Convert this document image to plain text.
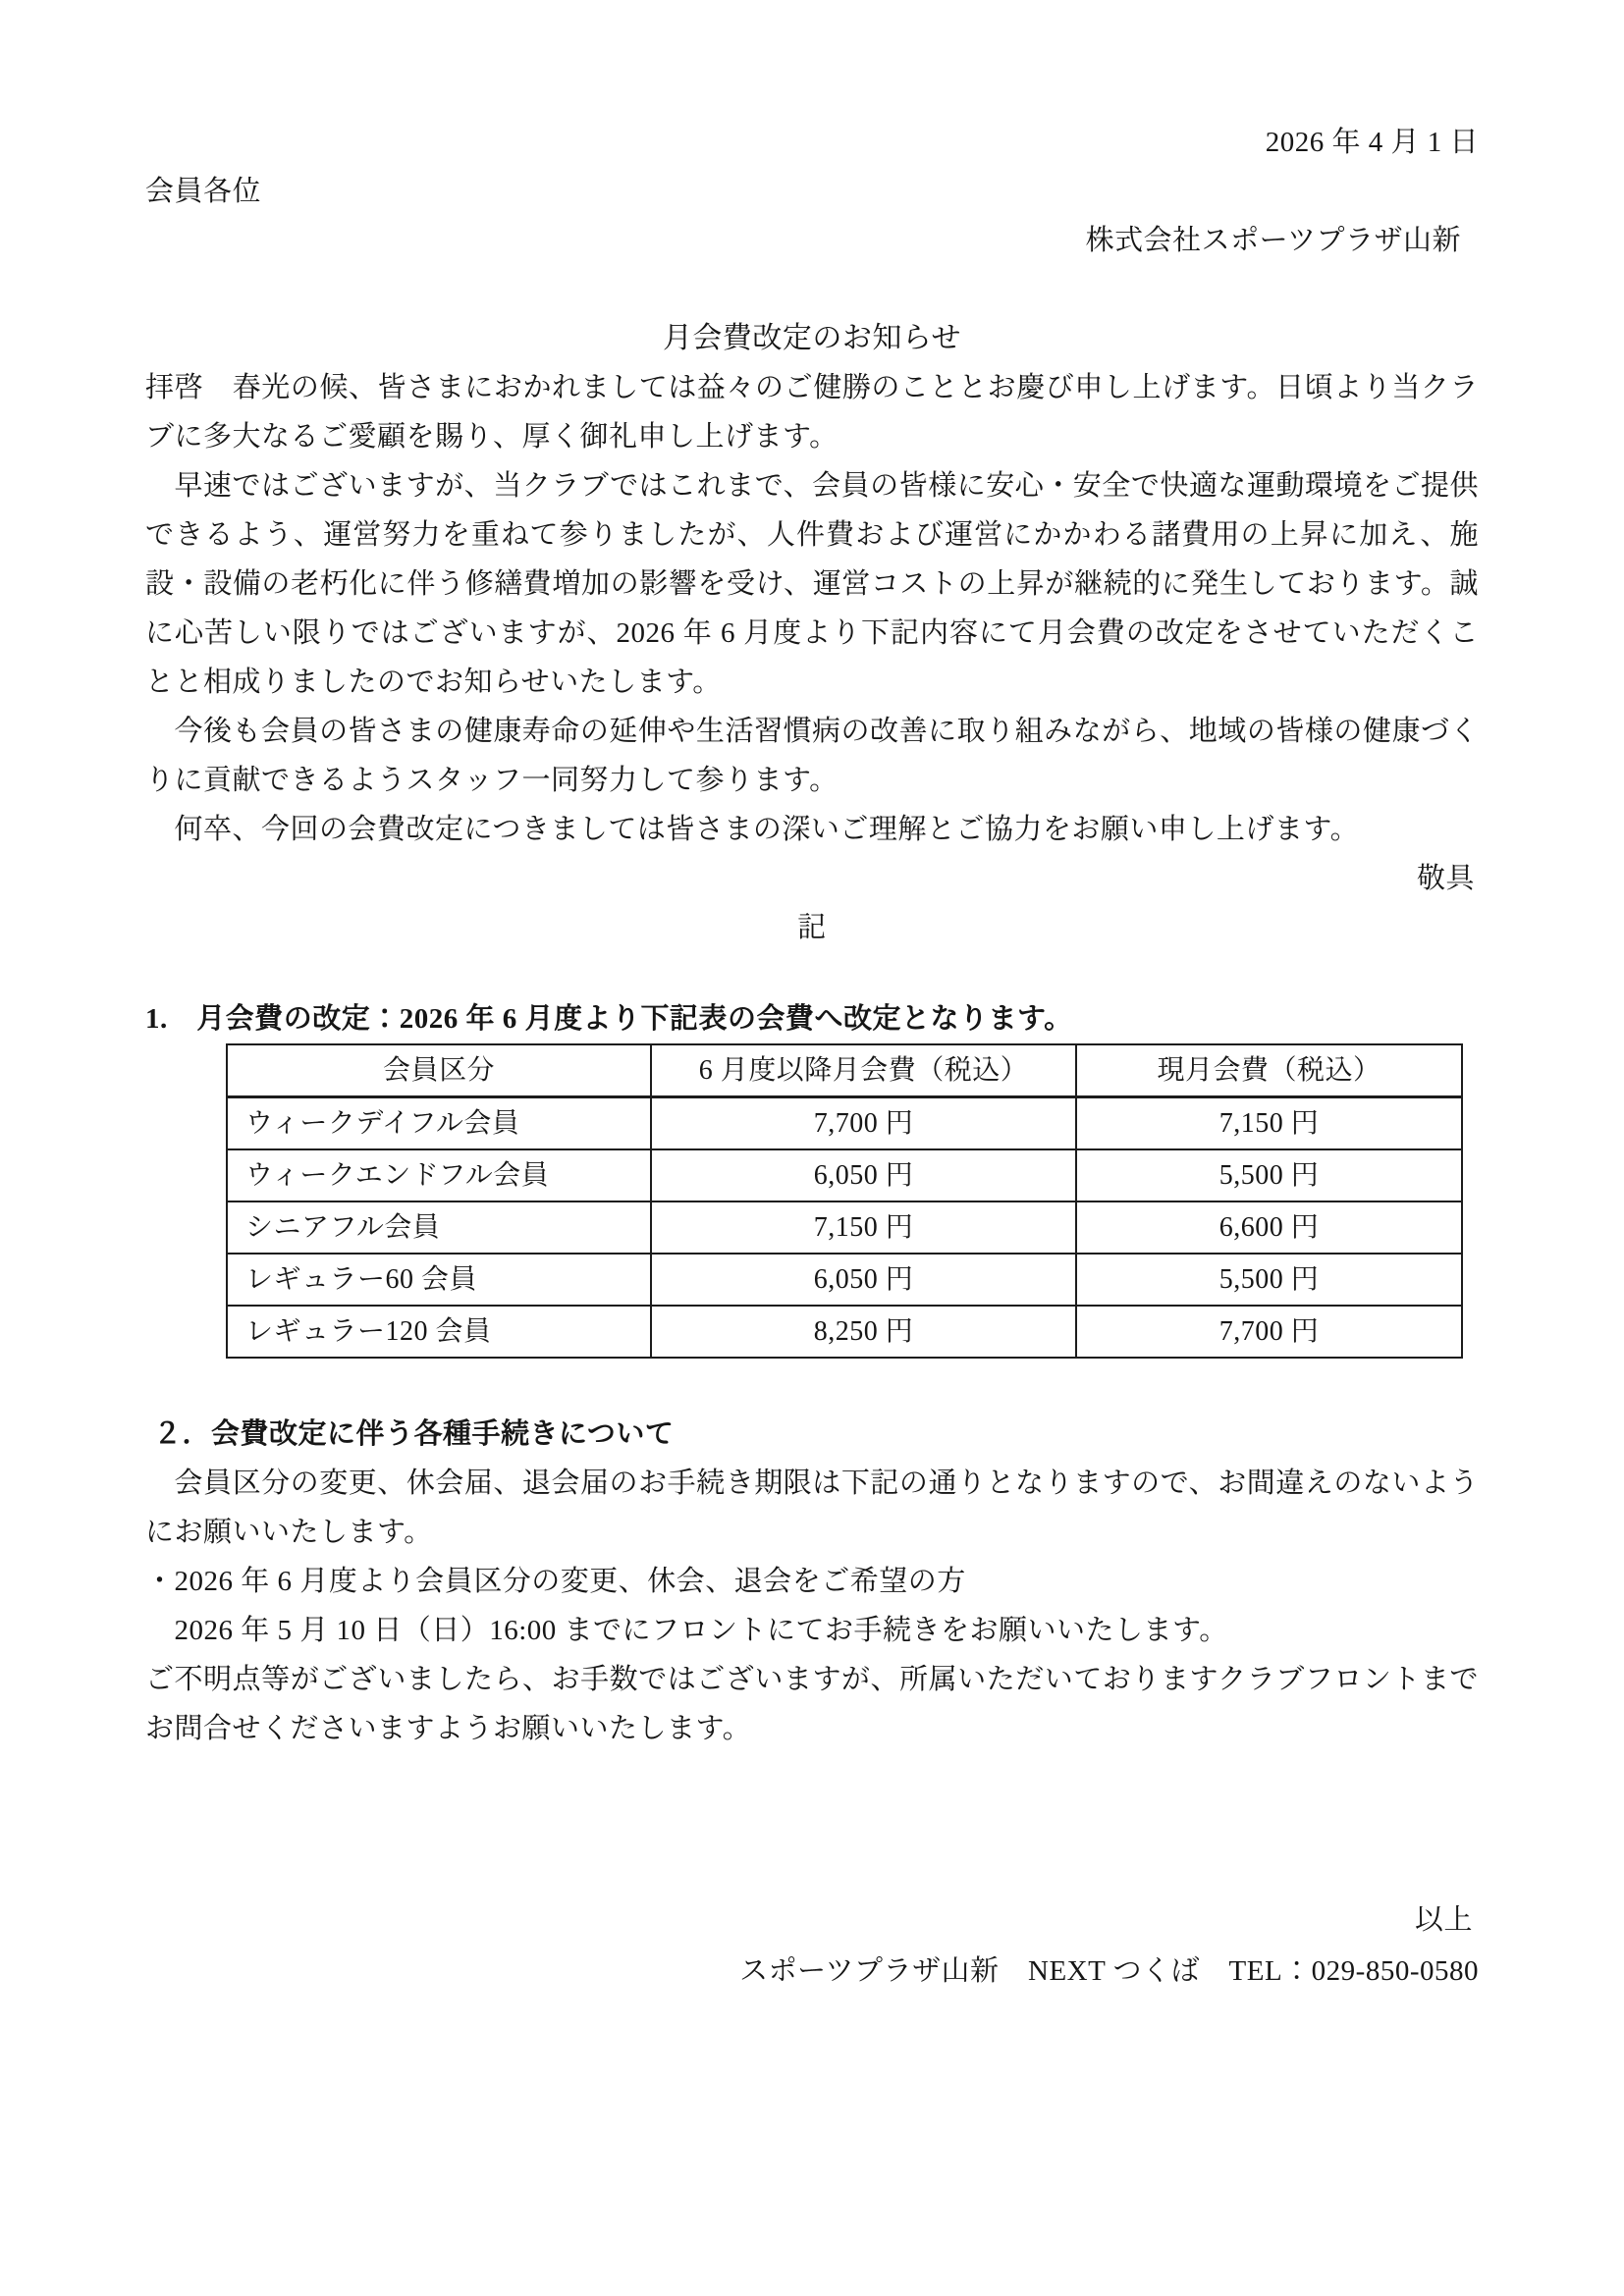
2026 年 4 月 1 日
会員各位
株式会社スポーツプラザ山新
月会費改定のお知らせ

拝啓　春光の候、皆さまにおかれましては益々のご健勝のこととお慶び申し上げます。日頃より当クラブに多大なるご愛顧を賜り、厚く御礼申し上げます。

　早速ではございますが、当クラブではこれまで、会員の皆様に安心・安全で快適な運動環境をご提供できるよう、運営努力を重ねて参りましたが、人件費および運営にかかわる諸費用の上昇に加え、施設・設備の老朽化に伴う修繕費増加の影響を受け、運営コストの上昇が継続的に発生しております。誠に心苦しい限りではございますが、2026 年 6 月度より下記内容にて月会費の改定をさせていただくことと相成りましたのでお知らせいたします。

　今後も会員の皆さまの健康寿命の延伸や生活習慣病の改善に取り組みながら、地域の皆様の健康づくりに貢献できるようスタッフ一同努力して参ります。

　何卒、今回の会費改定につきましては皆さまの深いご理解とご協力をお願い申し上げます。

敬具
記
1.　月会費の改定：2026 年 6 月度より下記表の会費へ改定となります。
会員区分	6 月度以降月会費（税込）	現月会費（税込）
ウィークデイフル会員	7,700 円	7,150 円
ウィークエンドフル会員	6,050 円	5,500 円
シニアフル会員	7,150 円	6,600 円
レギュラー60 会員	6,050 円	5,500 円
レギュラー120 会員	8,250 円	7,700 円
２．会費改定に伴う各種手続きについて

　会員区分の変更、休会届、退会届のお手続き期限は下記の通りとなりますので、お間違えのないようにお願いいたします。

・2026 年 6 月度より会員区分の変更、休会、退会をご希望の方

　2026 年 5 月 10 日（日）16:00 までにフロントにてお手続きをお願いいたします。

ご不明点等がございましたら、お手数ではございますが、所属いただいておりますクラブフロントまでお問合せくださいますようお願いいたします。

以上
スポーツプラザ山新　NEXT つくば　TEL：029-850-0580
